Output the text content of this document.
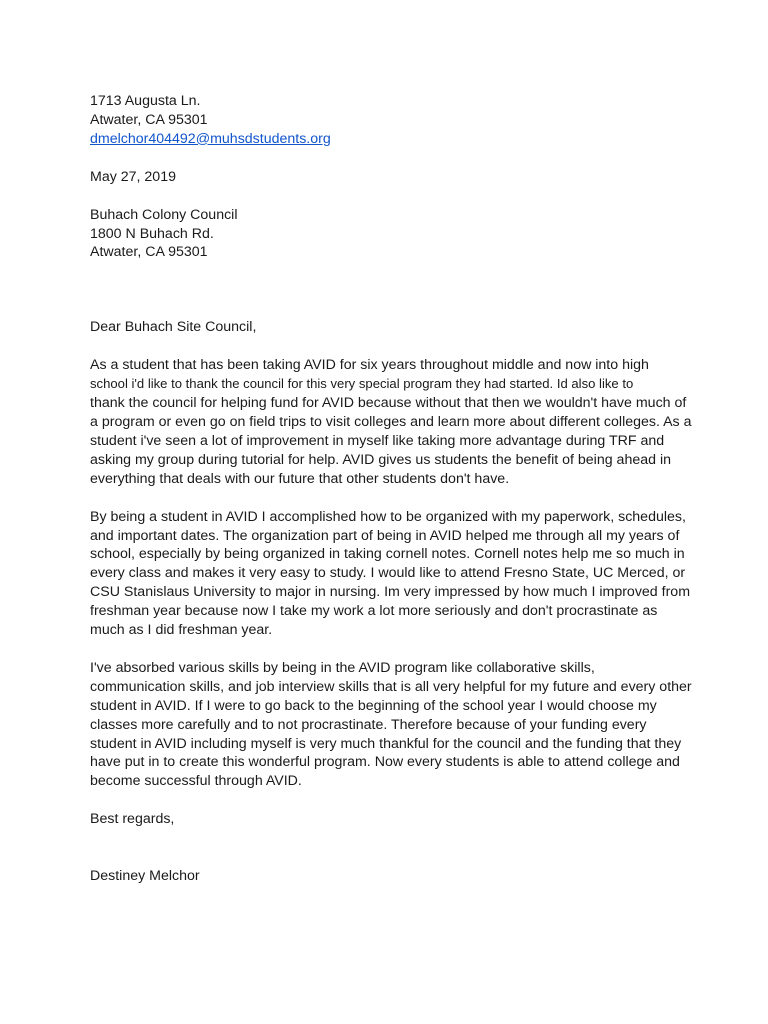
1713 Augusta Ln.
Atwater, CA 95301
dmelchor404492@muhsdstudents.org
May 27, 2019
Buhach Colony Council
1800 N Buhach Rd.
Atwater, CA 95301
Dear Buhach Site Council,
As a student that has been taking AVID for six years throughout middle and now into high
school i'd like to thank the council for this very special program they had started. Id also like to
thank the council for helping fund for AVID because without that then we wouldn't have much of
a program or even go on field trips to visit colleges and learn more about different colleges. As a
student i've seen a lot of improvement in myself like taking more advantage during TRF and
asking my group during tutorial for help. AVID gives us students the benefit of being ahead in
everything that deals with our future that other students don't have.
By being a student in AVID I accomplished how to be organized with my paperwork, schedules,
and important dates. The organization part of being in AVID helped me through all my years of
school, especially by being organized in taking cornell notes. Cornell notes help me so much in
every class and makes it very easy to study. I would like to attend Fresno State, UC Merced, or
CSU Stanislaus University to major in nursing. Im very impressed by how much I improved from
freshman year because now I take my work a lot more seriously and don't procrastinate as
much as I did freshman year.
I've absorbed various skills by being in the AVID program like collaborative skills,
communication skills, and job interview skills that is all very helpful for my future and every other
student in AVID. If I were to go back to the beginning of the school year I would choose my
classes more carefully and to not procrastinate. Therefore because of your funding every
student in AVID including myself is very much thankful for the council and the funding that they
have put in to create this wonderful program. Now every students is able to attend college and
become successful through AVID.
Best regards,
Destiney Melchor
